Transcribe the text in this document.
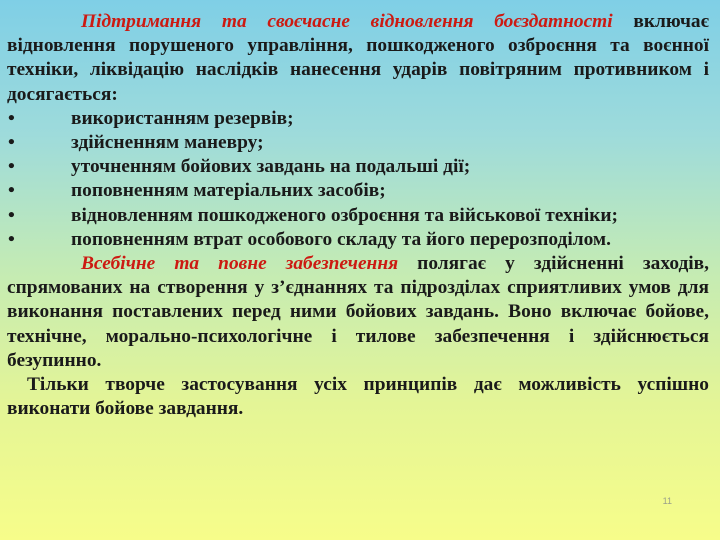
Підтримання та своєчасне відновлення боєздатності включає відновлення порушеного управління, пошкодженого озброєння та воєнної техніки, ліквідацію наслідків нанесення ударів повітряним противником і досягається:

•	використанням резервів;
•	здійсненням маневру;
•	уточненням бойових завдань на подальші дії;
•	поповненням матеріальних засобів;
•	відновленням пошкодженого озброєння та військової техніки;
•	поповненням втрат особового складу та його перерозподілом.

Всебічне та повне забезпечення полягає у здійсненні заходів, спрямованих на створення у з’єднаннях та підрозділах сприятливих умов для виконання поставлених перед ними бойових завдань. Воно включає бойове, технічне, морально-психологічне і тилове забезпечення і здійснюється безупинно.

Тільки творче застосування усіх принципів дає можливість успішно виконати бойове завдання.

11
